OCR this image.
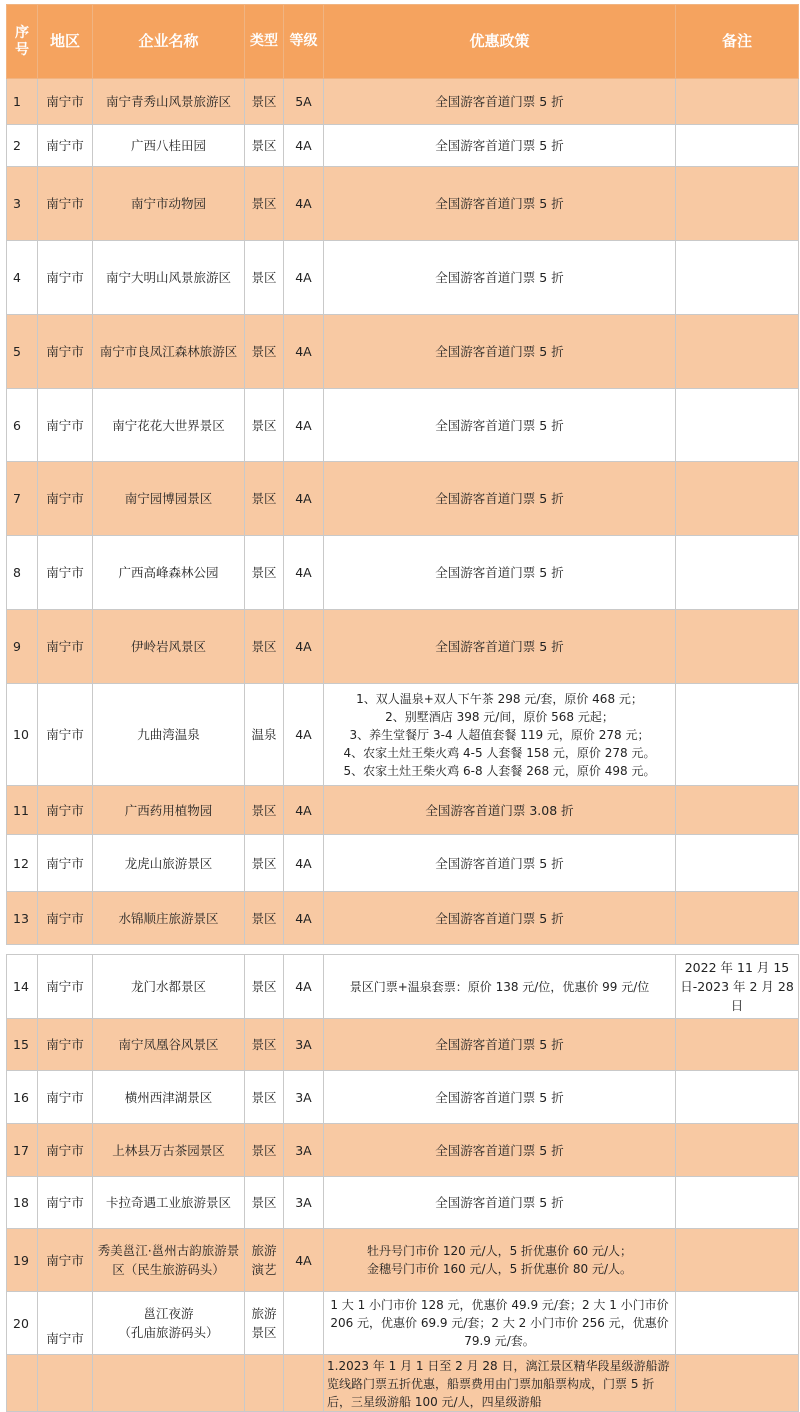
序号	地区	企业名称	类型	等级	优惠政策	备注
1	南宁市	南宁青秀山风景旅游区	景区	5A	全国游客首道门票 5 折	
2	南宁市	广西八桂田园	景区	4A	全国游客首道门票 5 折	
3	南宁市	南宁市动物园	景区	4A	全国游客首道门票 5 折	
4	南宁市	南宁大明山风景旅游区	景区	4A	全国游客首道门票 5 折	
5	南宁市	南宁市良凤江森林旅游区	景区	4A	全国游客首道门票 5 折	
6	南宁市	南宁花花大世界景区	景区	4A	全国游客首道门票 5 折	
7	南宁市	南宁园博园景区	景区	4A	全国游客首道门票 5 折	
8	南宁市	广西高峰森林公园	景区	4A	全国游客首道门票 5 折	
9	南宁市	伊岭岩风景区	景区	4A	全国游客首道门票 5 折	
10	南宁市	九曲湾温泉	温泉	4A	1、双人温泉+双人下午茶 298 元/套，原价 468 元；
2、别墅酒店 398 元/间，原价 568 元起；
3、养生堂餐厅 3-4 人超值套餐 119 元，原价 278 元；
4、农家土灶王柴火鸡 4-5 人套餐 158 元，原价 278 元。
5、农家土灶王柴火鸡 6-8 人套餐 268 元，原价 498 元。	

11	南宁市	广西药用植物园	景区	4A	全国游客首道门票 3.08 折	
12	南宁市	龙虎山旅游景区	景区	4A	全国游客首道门票 5 折	
13	南宁市	水锦顺庄旅游景区	景区	4A	全国游客首道门票 5 折	
14	南宁市	龙门水都景区	景区	4A	景区门票+温泉套票：原价 138 元/位，优惠价 99 元/位	2022 年 11 月 15 日-2023 年 2 月 28 日
15	南宁市	南宁凤凰谷风景区	景区	3A	全国游客首道门票 5 折	
16	南宁市	横州西津湖景区	景区	3A	全国游客首道门票 5 折	
17	南宁市	上林县万古茶园景区	景区	3A	全国游客首道门票 5 折	
18	南宁市	卡拉奇遇工业旅游景区	景区	3A	全国游客首道门票 5 折	
19	南宁市	秀美邕江·邕州古韵旅游景区（民生旅游码头）	旅游演艺	4A	牡丹号门市价 120 元/人，5 折优惠价 60 元/人；
金穗号门市价 160 元/人，5 折优惠价 80 元/人。	

20	南宁市	邕江夜游
（孔庙旅游码头）	旅游景区		1 大 1 小门市价 128 元，优惠价 49.9 元/套；2 大 1 小门市价 206 元，优惠价 69.9 元/套；2 大 2 小门市价 256 元，优惠价 79.9 元/套。	
					1.2023 年 1 月 1 日至 2 月 28 日，漓江景区精华段星级游船游览线路门票五折优惠，船票费用由门票加船票构成，门票 5 折后，三星级游船 100 元/人，四星级游船	
